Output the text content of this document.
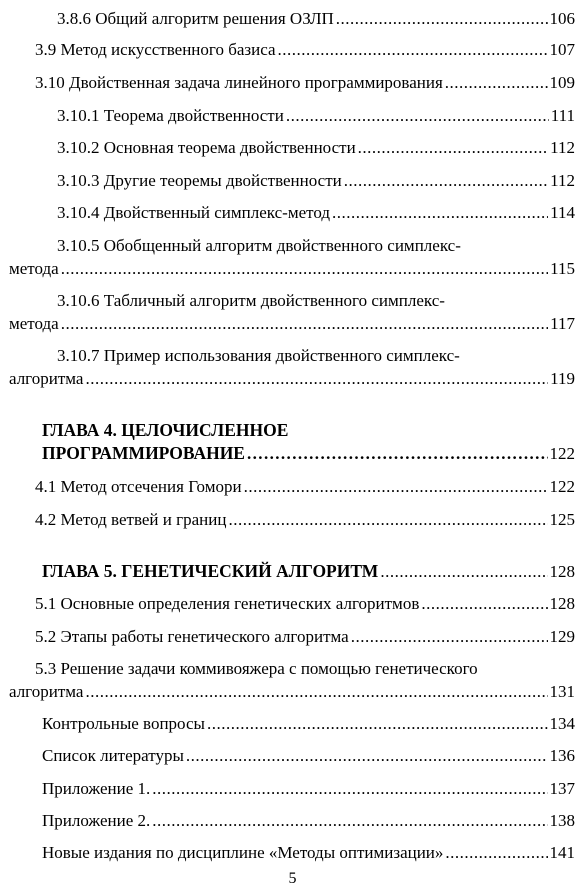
3.8.6 Общий алгоритм решения ОЗЛП .....	106
3.9 Метод искусственного базиса .....	107
3.10 Двойственная задача линейного программирования .....	109
3.10.1 Теорема двойственности .....	111
3.10.2 Основная теорема двойственности .....	112
3.10.3 Другие теоремы двойственности .....	112
3.10.4 Двойственный симплекс-метод .....	114
3.10.5 Обобщенный алгоритм двойственного симплекс-
метода .....	115
3.10.6 Табличный алгоритм двойственного симплекс-
метода .....	117
3.10.7 Пример использования двойственного симплекс-
алгоритма .....	119
ГЛАВА 4. ЦЕЛОЧИСЛЕННОЕ
ПРОГРАММИРОВАНИЕ .....	122
4.1 Метод отсечения Гомори .....	122
4.2 Метод ветвей и границ .....	125
ГЛАВА 5. ГЕНЕТИЧЕСКИЙ АЛГОРИТМ .....	128
5.1 Основные определения генетических алгоритмов .....	128
5.2 Этапы работы генетического алгоритма .....	129
5.3 Решение задачи коммивояжера с помощью генетического
алгоритма .....	131
Контрольные вопросы .....	134
Список литературы .....	136
Приложение 1. .....	137
Приложение 2. .....	138
Новые издания по дисциплине «Методы оптимизации» .....	141
5
